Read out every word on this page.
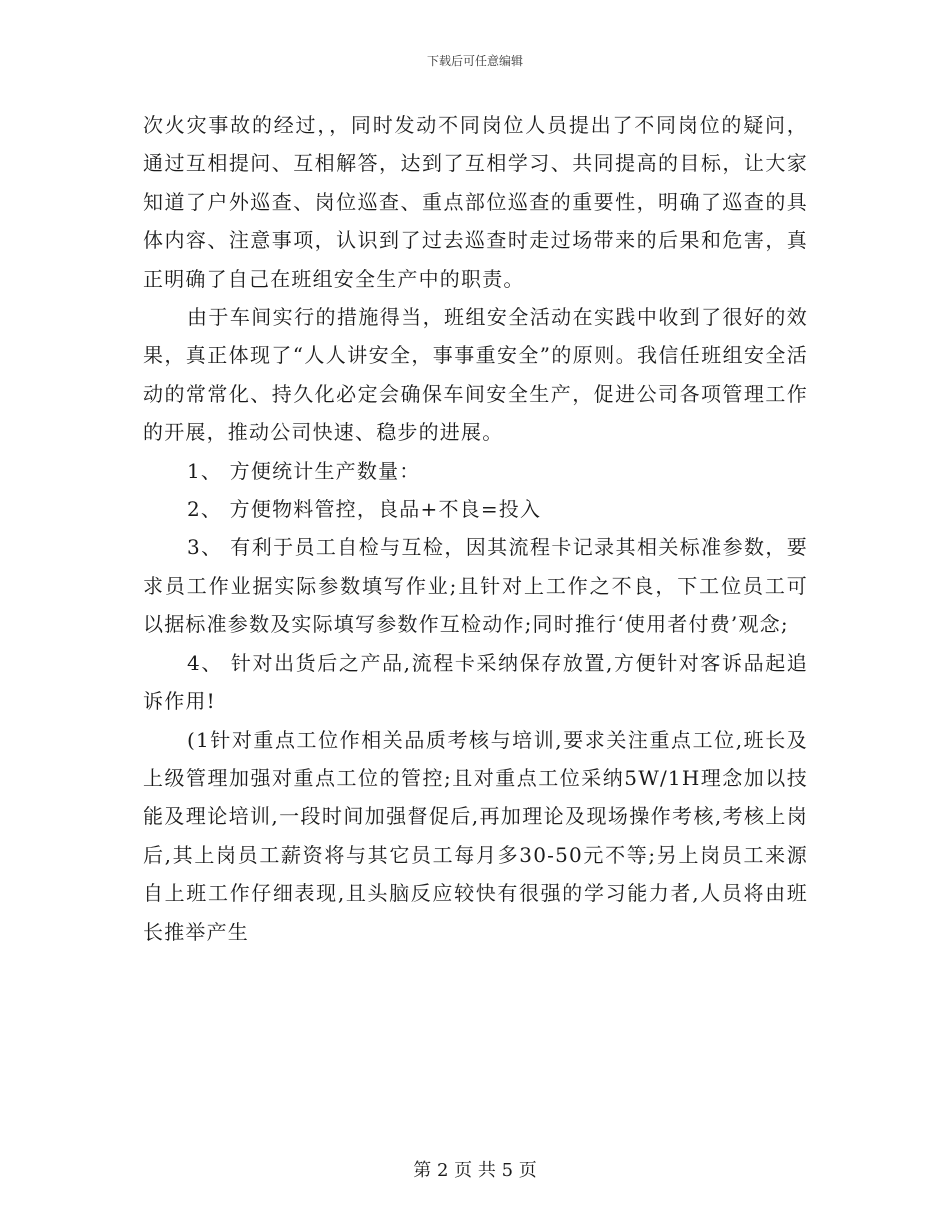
下载后可任意编辑

次火灾事故的经过，，同时发动不同岗位人员提出了不同岗位的疑问，通过互相提问、互相解答，达到了互相学习、共同提高的目标，让大家知道了户外巡查、岗位巡查、重点部位巡查的重要性，明确了巡查的具体内容、注意事项，认识到了过去巡查时走过场带来的后果和危害，真正明确了自己在班组安全生产中的职责。

由于车间实行的措施得当，班组安全活动在实践中收到了很好的效果，真正体现了“人人讲安全，事事重安全”的原则。我信任班组安全活动的常常化、持久化必定会确保车间安全生产，促进公司各项管理工作的开展，推动公司快速、稳步的进展。

1、 方便统计生产数量：

2、 方便物料管控，良品+不良=投入

3、 有利于员工自检与互检，因其流程卡记录其相关标准参数，要求员工作业据实际参数填写作业;且针对上工作之不良，下工位员工可以据标准参数及实际填写参数作互检动作;同时推行‘使用者付费’观念;

4、 针对出货后之产品,流程卡采纳保存放置,方便针对客诉品起追诉作用!

(1针对重点工位作相关品质考核与培训,要求关注重点工位,班长及上级管理加强对重点工位的管控;且对重点工位采纳5W/1H理念加以技能及理论培训,一段时间加强督促后,再加理论及现场操作考核,考核上岗后,其上岗员工薪资将与其它员工每月多30-50元不等;另上岗员工来源自上班工作仔细表现,且头脑反应较快有很强的学习能力者,人员将由班长推举产生

第 2 页 共 5 页
